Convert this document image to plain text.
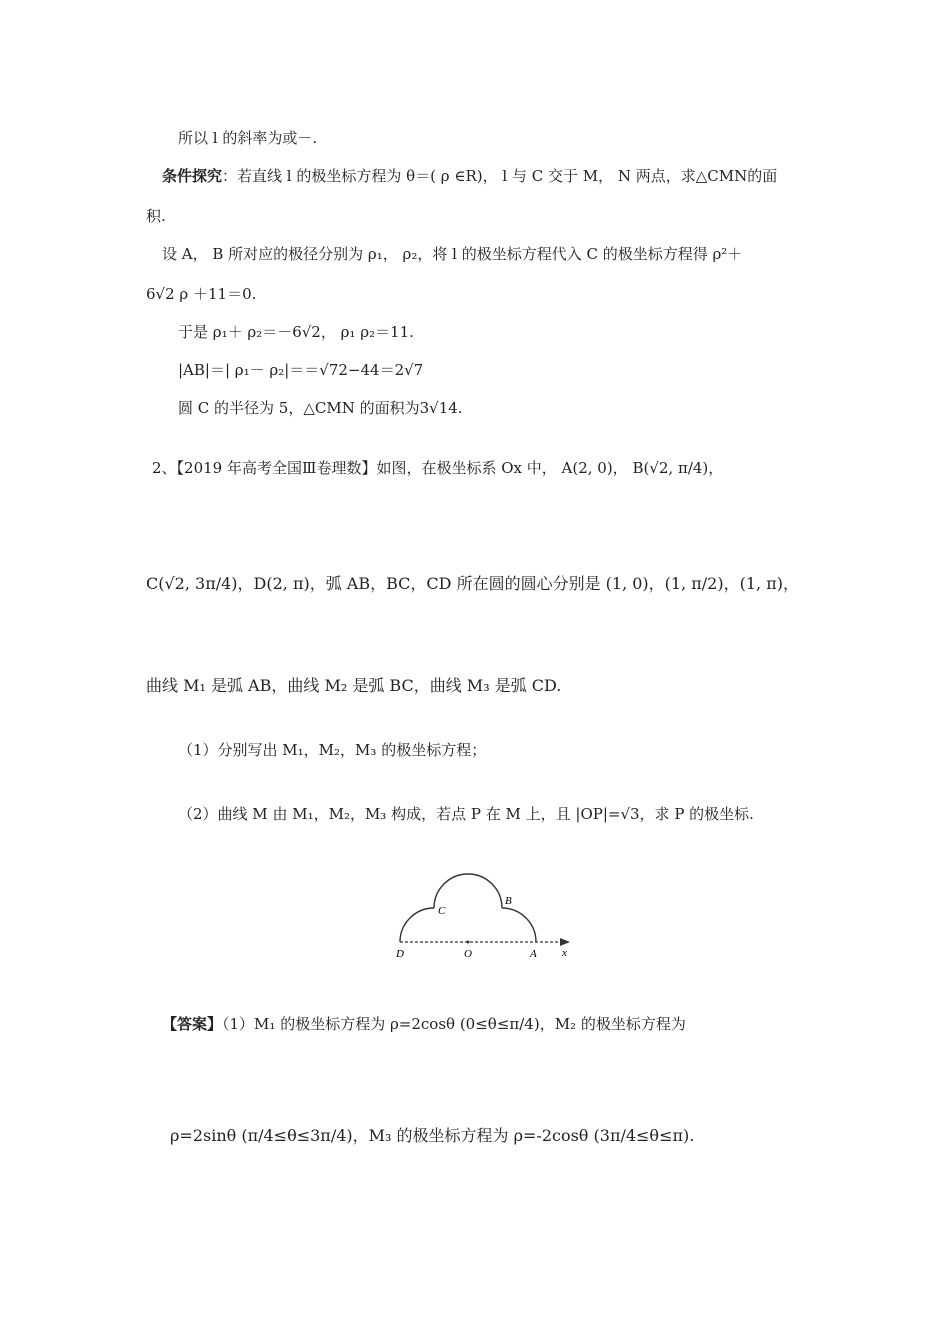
所以 l 的斜率为或－.
条件探究：若直线 l 的极坐标方程为 θ＝( ρ ∈R)， l 与 C 交于 M， N 两点，求△CMN的面
积.
设 A， B 所对应的极径分别为 ρ₁， ρ₂，将 l 的极坐标方程代入 C 的极坐标方程得 ρ²＋
6√2 ρ ＋11＝0.
于是 ρ₁＋ ρ₂＝－6√2， ρ₁ ρ₂＝11.
|AB|＝| ρ₁－ ρ₂|＝＝√72−44＝2√7
圆 C 的半径为 5，△CMN 的面积为3√14.
2、【2019 年高考全国Ⅲ卷理数】如图，在极坐标系 Ox 中， A(2, 0)， B(√2, π/4)，
C(√2, 3π/4)，D(2, π)，弧 AB，BC，CD 所在圆的圆心分别是 (1, 0)，(1, π/2)，(1, π)，
曲线 M₁ 是弧 AB，曲线 M₂ 是弧 BC，曲线 M₃ 是弧 CD.
（1）分别写出 M₁，M₂，M₃ 的极坐标方程；
（2）曲线 M 由 M₁，M₂，M₃ 构成，若点 P 在 M 上，且 |OP|=√3，求 P 的极坐标.
C
B
D	O	A x
【答案】（1）M₁ 的极坐标方程为 ρ=2cosθ (0≤θ≤π/4)，M₂ 的极坐标方程为
ρ=2sinθ (π/4≤θ≤3π/4)，M₃ 的极坐标方程为 ρ=-2cosθ (3π/4≤θ≤π).
